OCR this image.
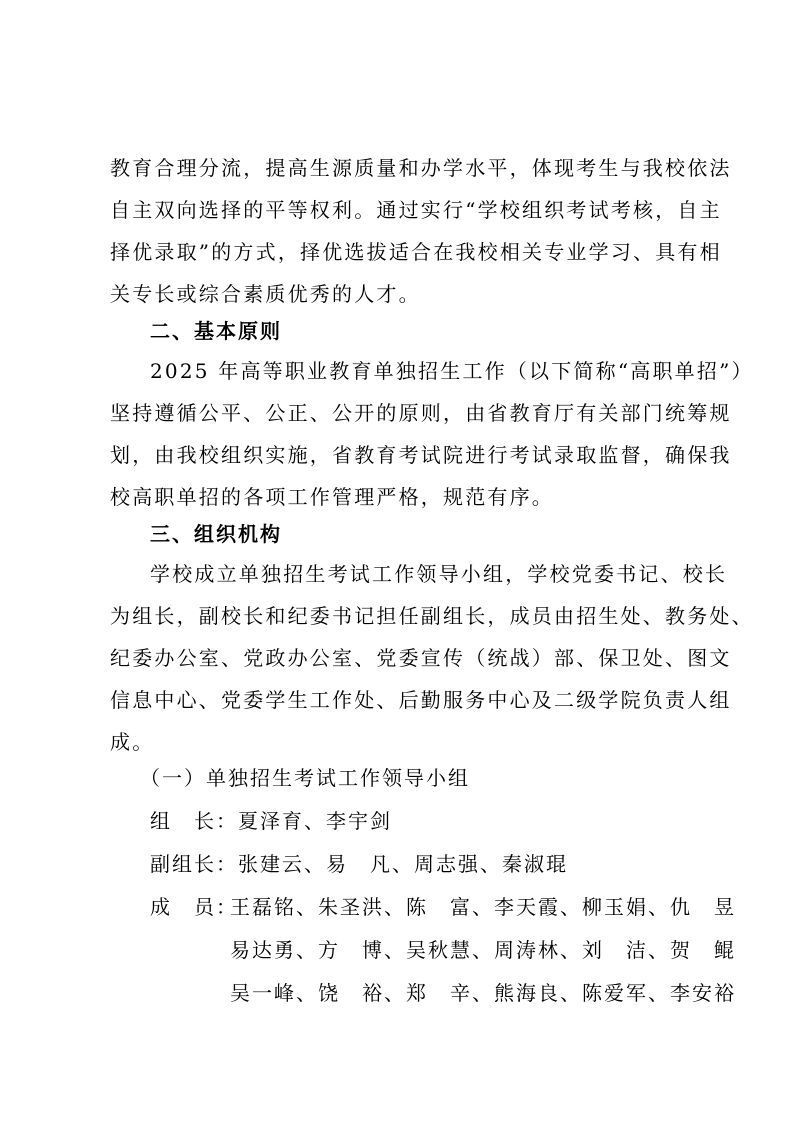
教育合理分流，提高生源质量和办学水平，体现考生与我校依法
自主双向选择的平等权利。通过实行“学校组织考试考核，自主
择优录取”的方式，择优选拔适合在我校相关专业学习、具有相
关专长或综合素质优秀的人才。
二、基本原则
2025 年高等职业教育单独招生工作（以下简称“高职单招”）
坚持遵循公平、公正、公开的原则，由省教育厅有关部门统筹规
划，由我校组织实施，省教育考试院进行考试录取监督，确保我
校高职单招的各项工作管理严格，规范有序。
三、组织机构
学校成立单独招生考试工作领导小组，学校党委书记、校长
为组长，副校长和纪委书记担任副组长，成员由招生处、教务处、
纪委办公室、党政办公室、党委宣传（统战）部、保卫处、图文
信息中心、党委学生工作处、后勤服务中心及二级学院负责人组
成。
（一）单独招生考试工作领导小组
组　长：夏泽育、李宇剑
副组长：张建云、易　凡、周志强、秦淑琨
成　员：
王磊铭、朱圣洪、陈　富、李天霞、柳玉娟、仇　昱
易达勇、方　博、吴秋慧、周涛林、刘　洁、贺　鲲
吴一峰、饶　裕、郑　辛、熊海良、陈爱军、李安裕
